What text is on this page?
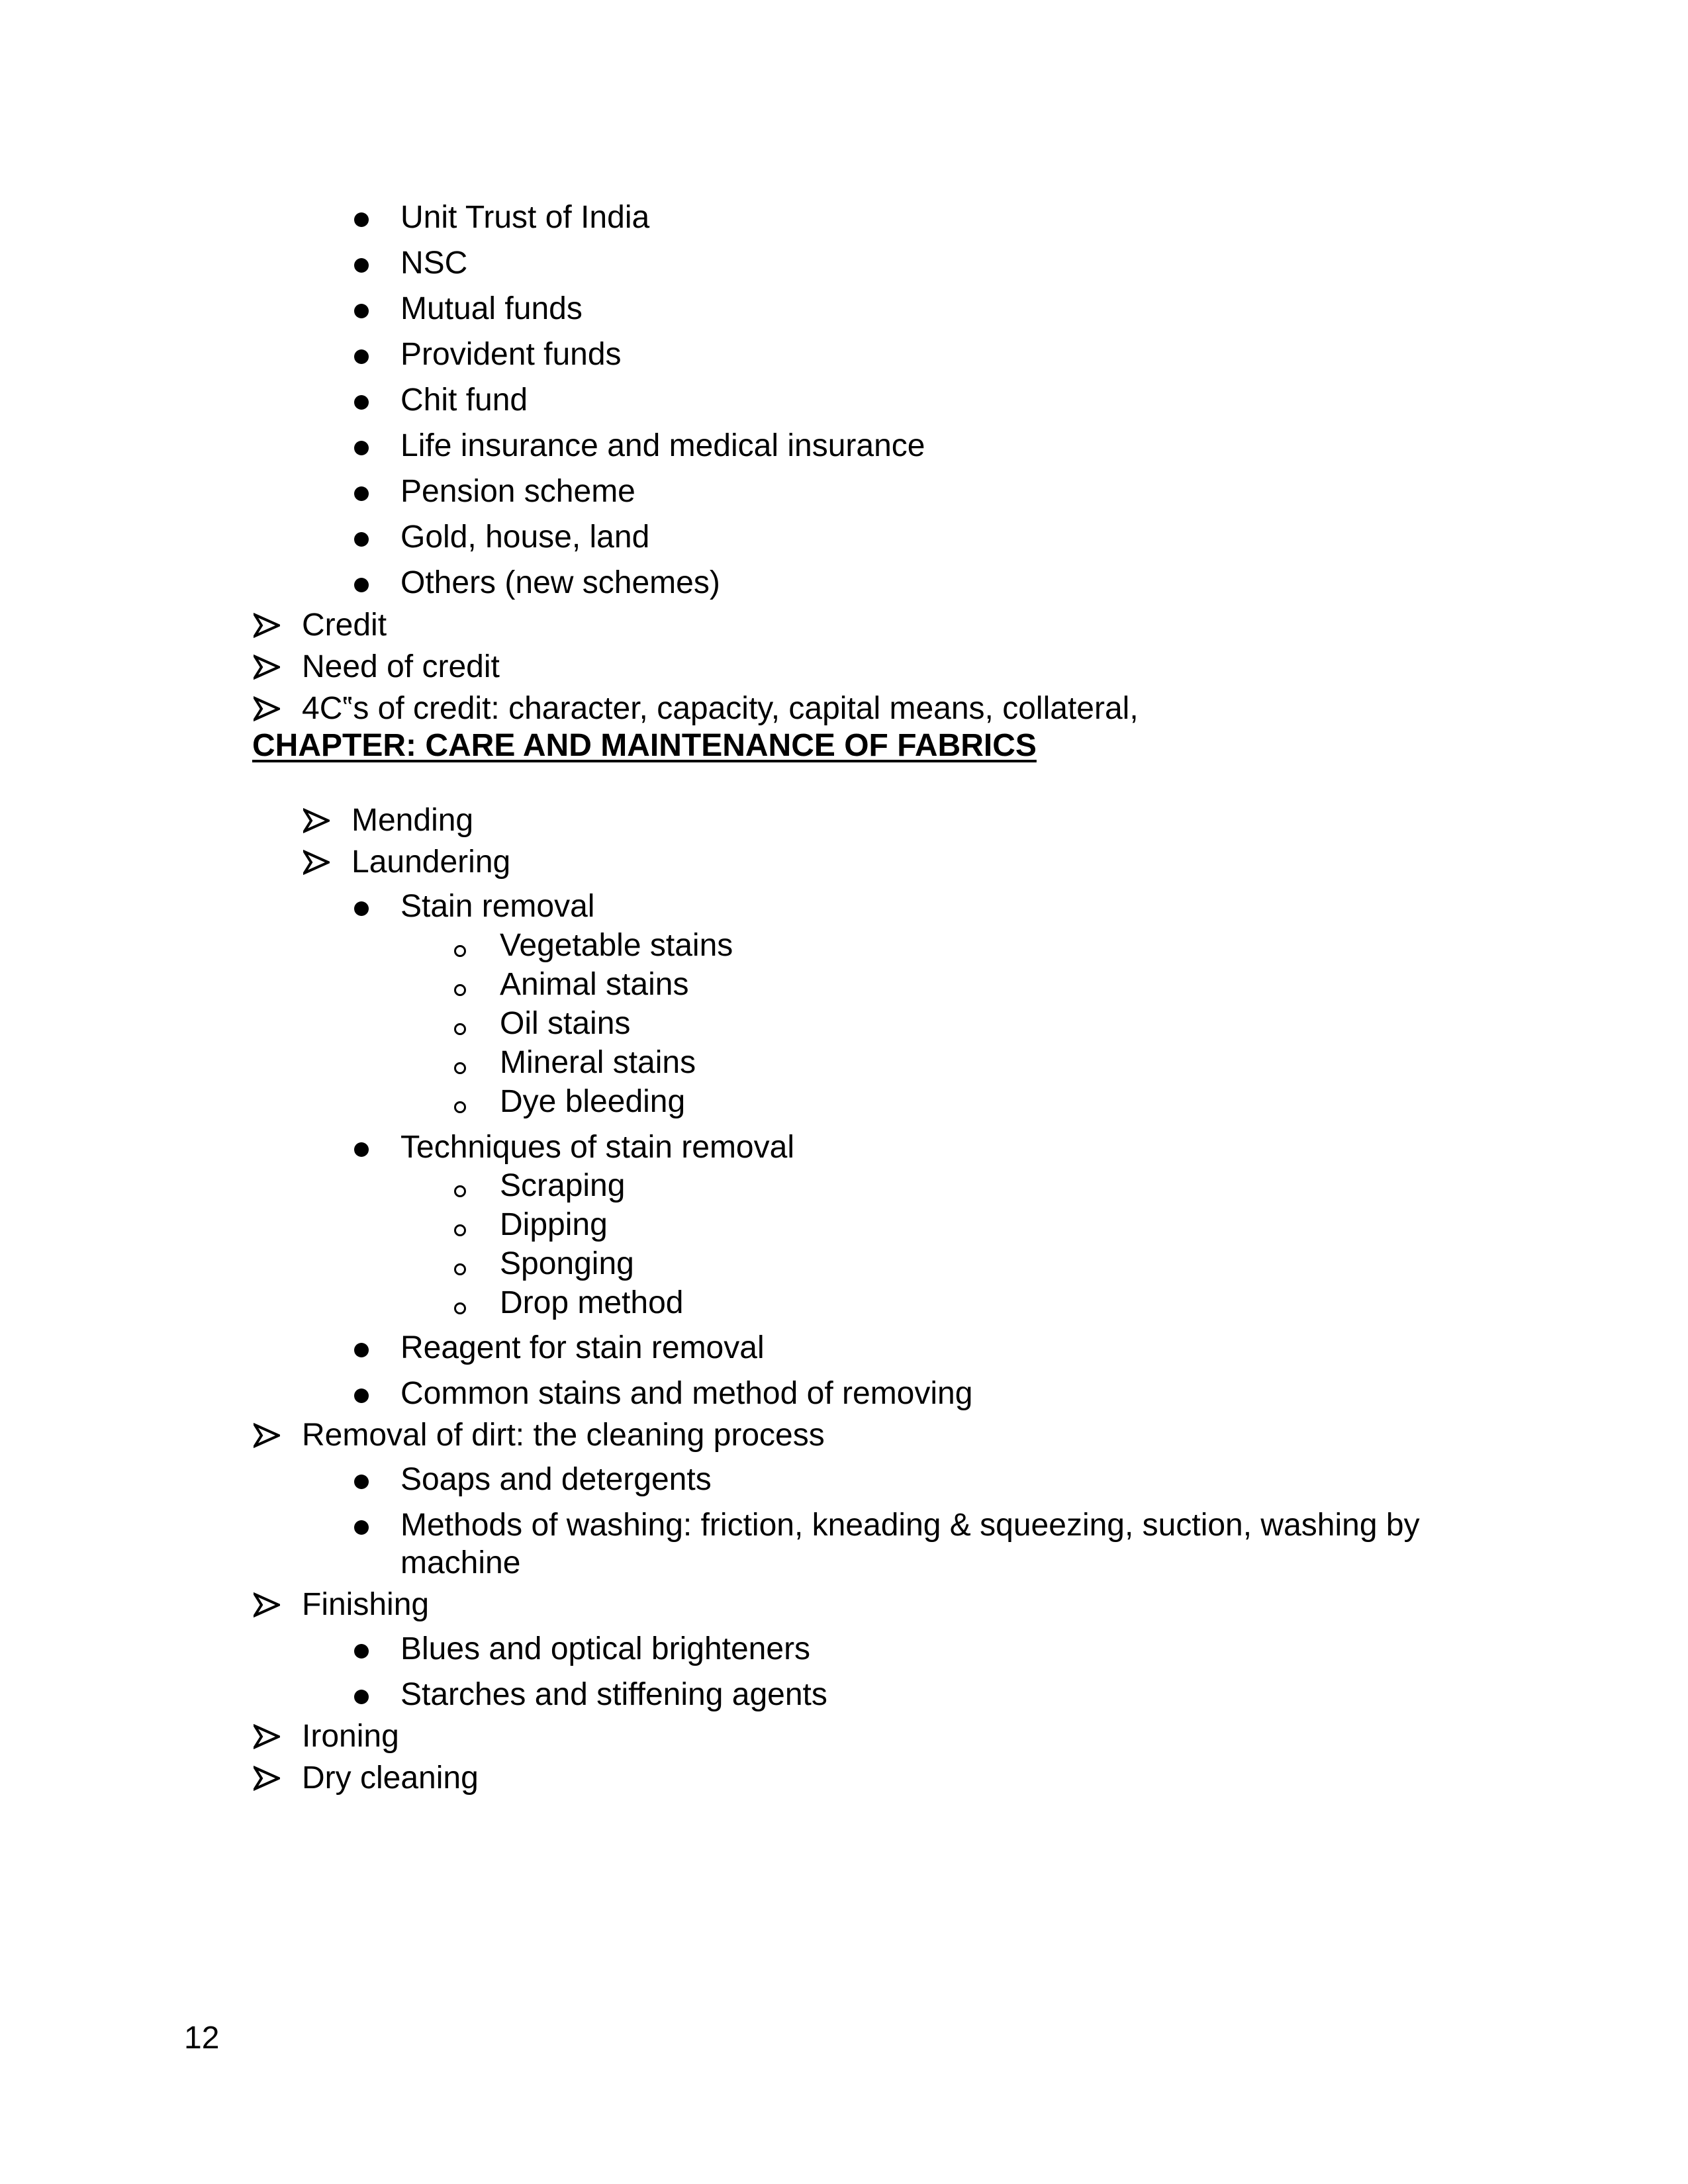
Unit Trust of India
NSC
Mutual funds
Provident funds
Chit fund
Life insurance and medical insurance
Pension scheme
Gold, house, land
Others (new schemes)
Credit
Need of credit
4C‟s of credit: character, capacity, capital means, collateral,
CHAPTER: CARE AND MAINTENANCE OF FABRICS
Mending
Laundering
Stain removal
Vegetable stains
Animal stains
Oil stains
Mineral stains
Dye bleeding
Techniques of stain removal
Scraping
Dipping
Sponging
Drop method
Reagent for stain removal
Common stains and method of removing
Removal of dirt: the cleaning process
Soaps and detergents
Methods of washing: friction, kneading & squeezing, suction, washing by
machine
Finishing
Blues and optical brighteners
Starches and stiffening agents
Ironing
Dry cleaning
12
